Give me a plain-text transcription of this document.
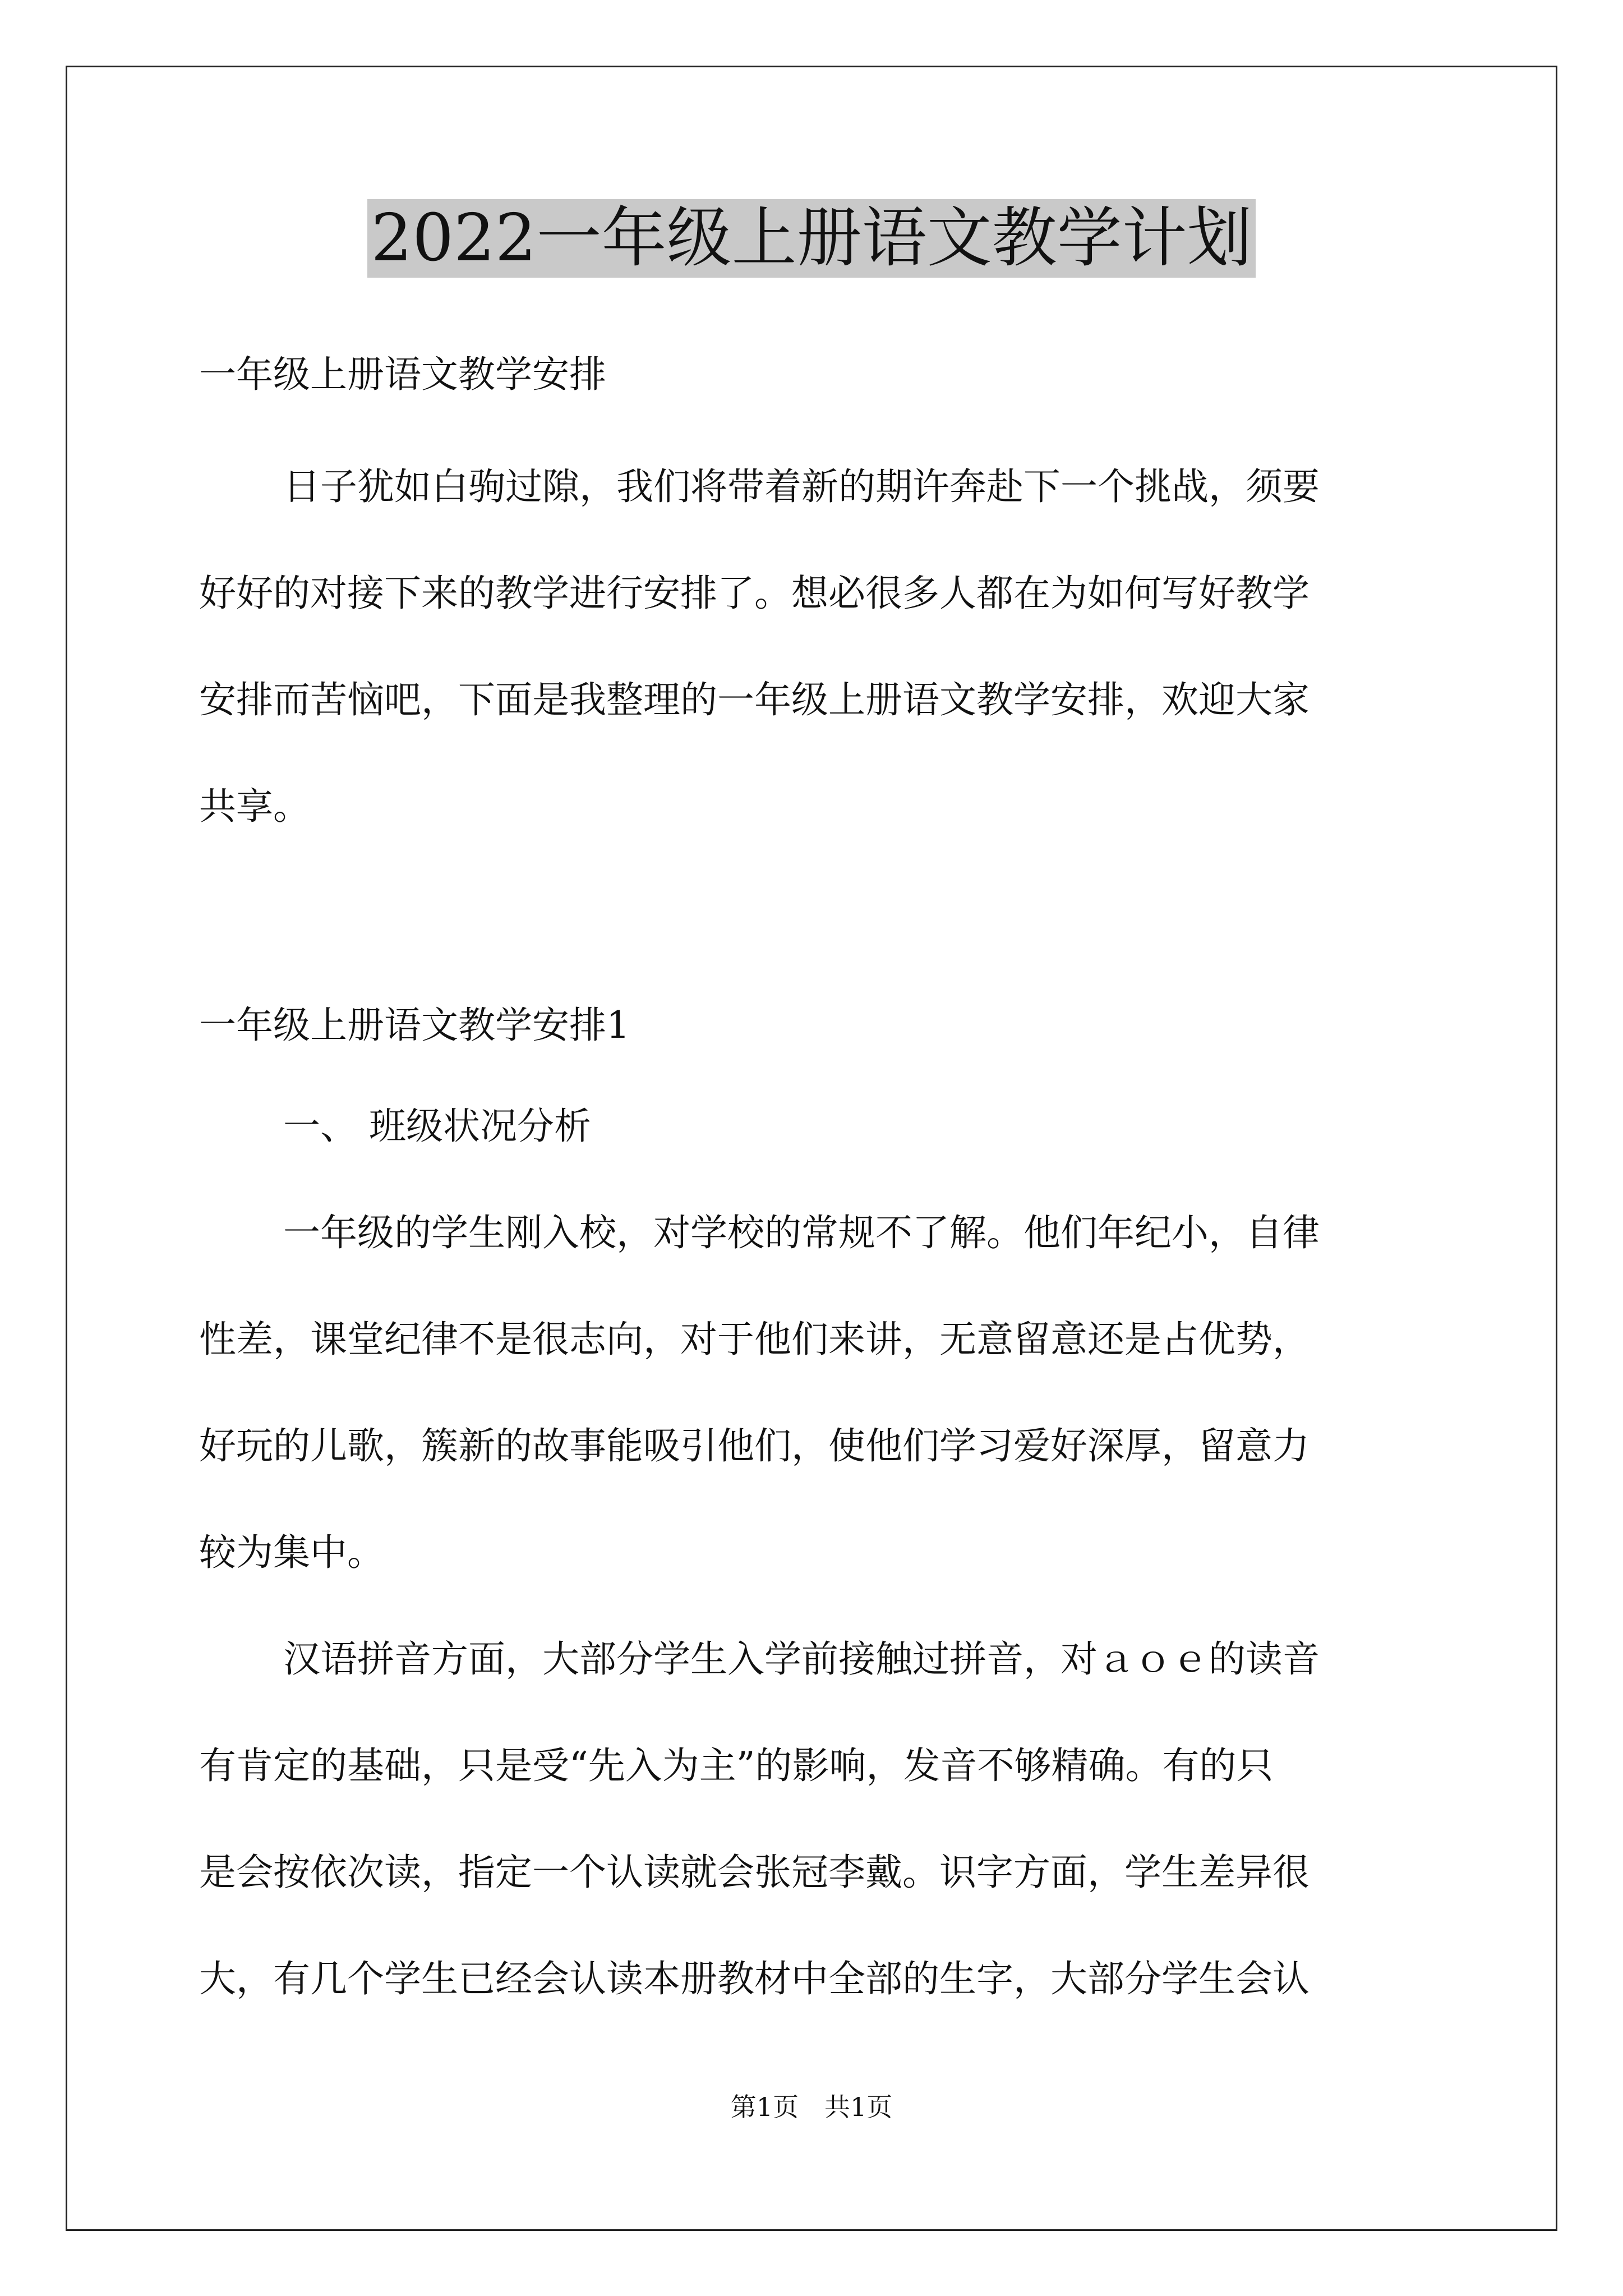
2022一年级上册语文教学计划
一年级上册语文教学安排
日子犹如白驹过隙，我们将带着新的期许奔赴下一个挑战，须要
好好的对接下来的教学进行安排了。想必很多人都在为如何写好教学
安排而苦恼吧，下面是我整理的一年级上册语文教学安排，欢迎大家
共享。
一年级上册语文教学安排1
一、 班级状况分析
一年级的学生刚入校，对学校的常规不了解。他们年纪小，自律
性差，课堂纪律不是很志向，对于他们来讲，无意留意还是占优势，
好玩的儿歌，簇新的故事能吸引他们，使他们学习爱好深厚，留意力
较为集中。
汉语拼音方面，大部分学生入学前接触过拼音，对ａｏｅ的读音
有肯定的基础，只是受“先入为主”的影响，发音不够精确。有的只
是会按依次读，指定一个认读就会张冠李戴。识字方面，学生差异很
大，有几个学生已经会认读本册教材中全部的生字，大部分学生会认
第1页　共1页
